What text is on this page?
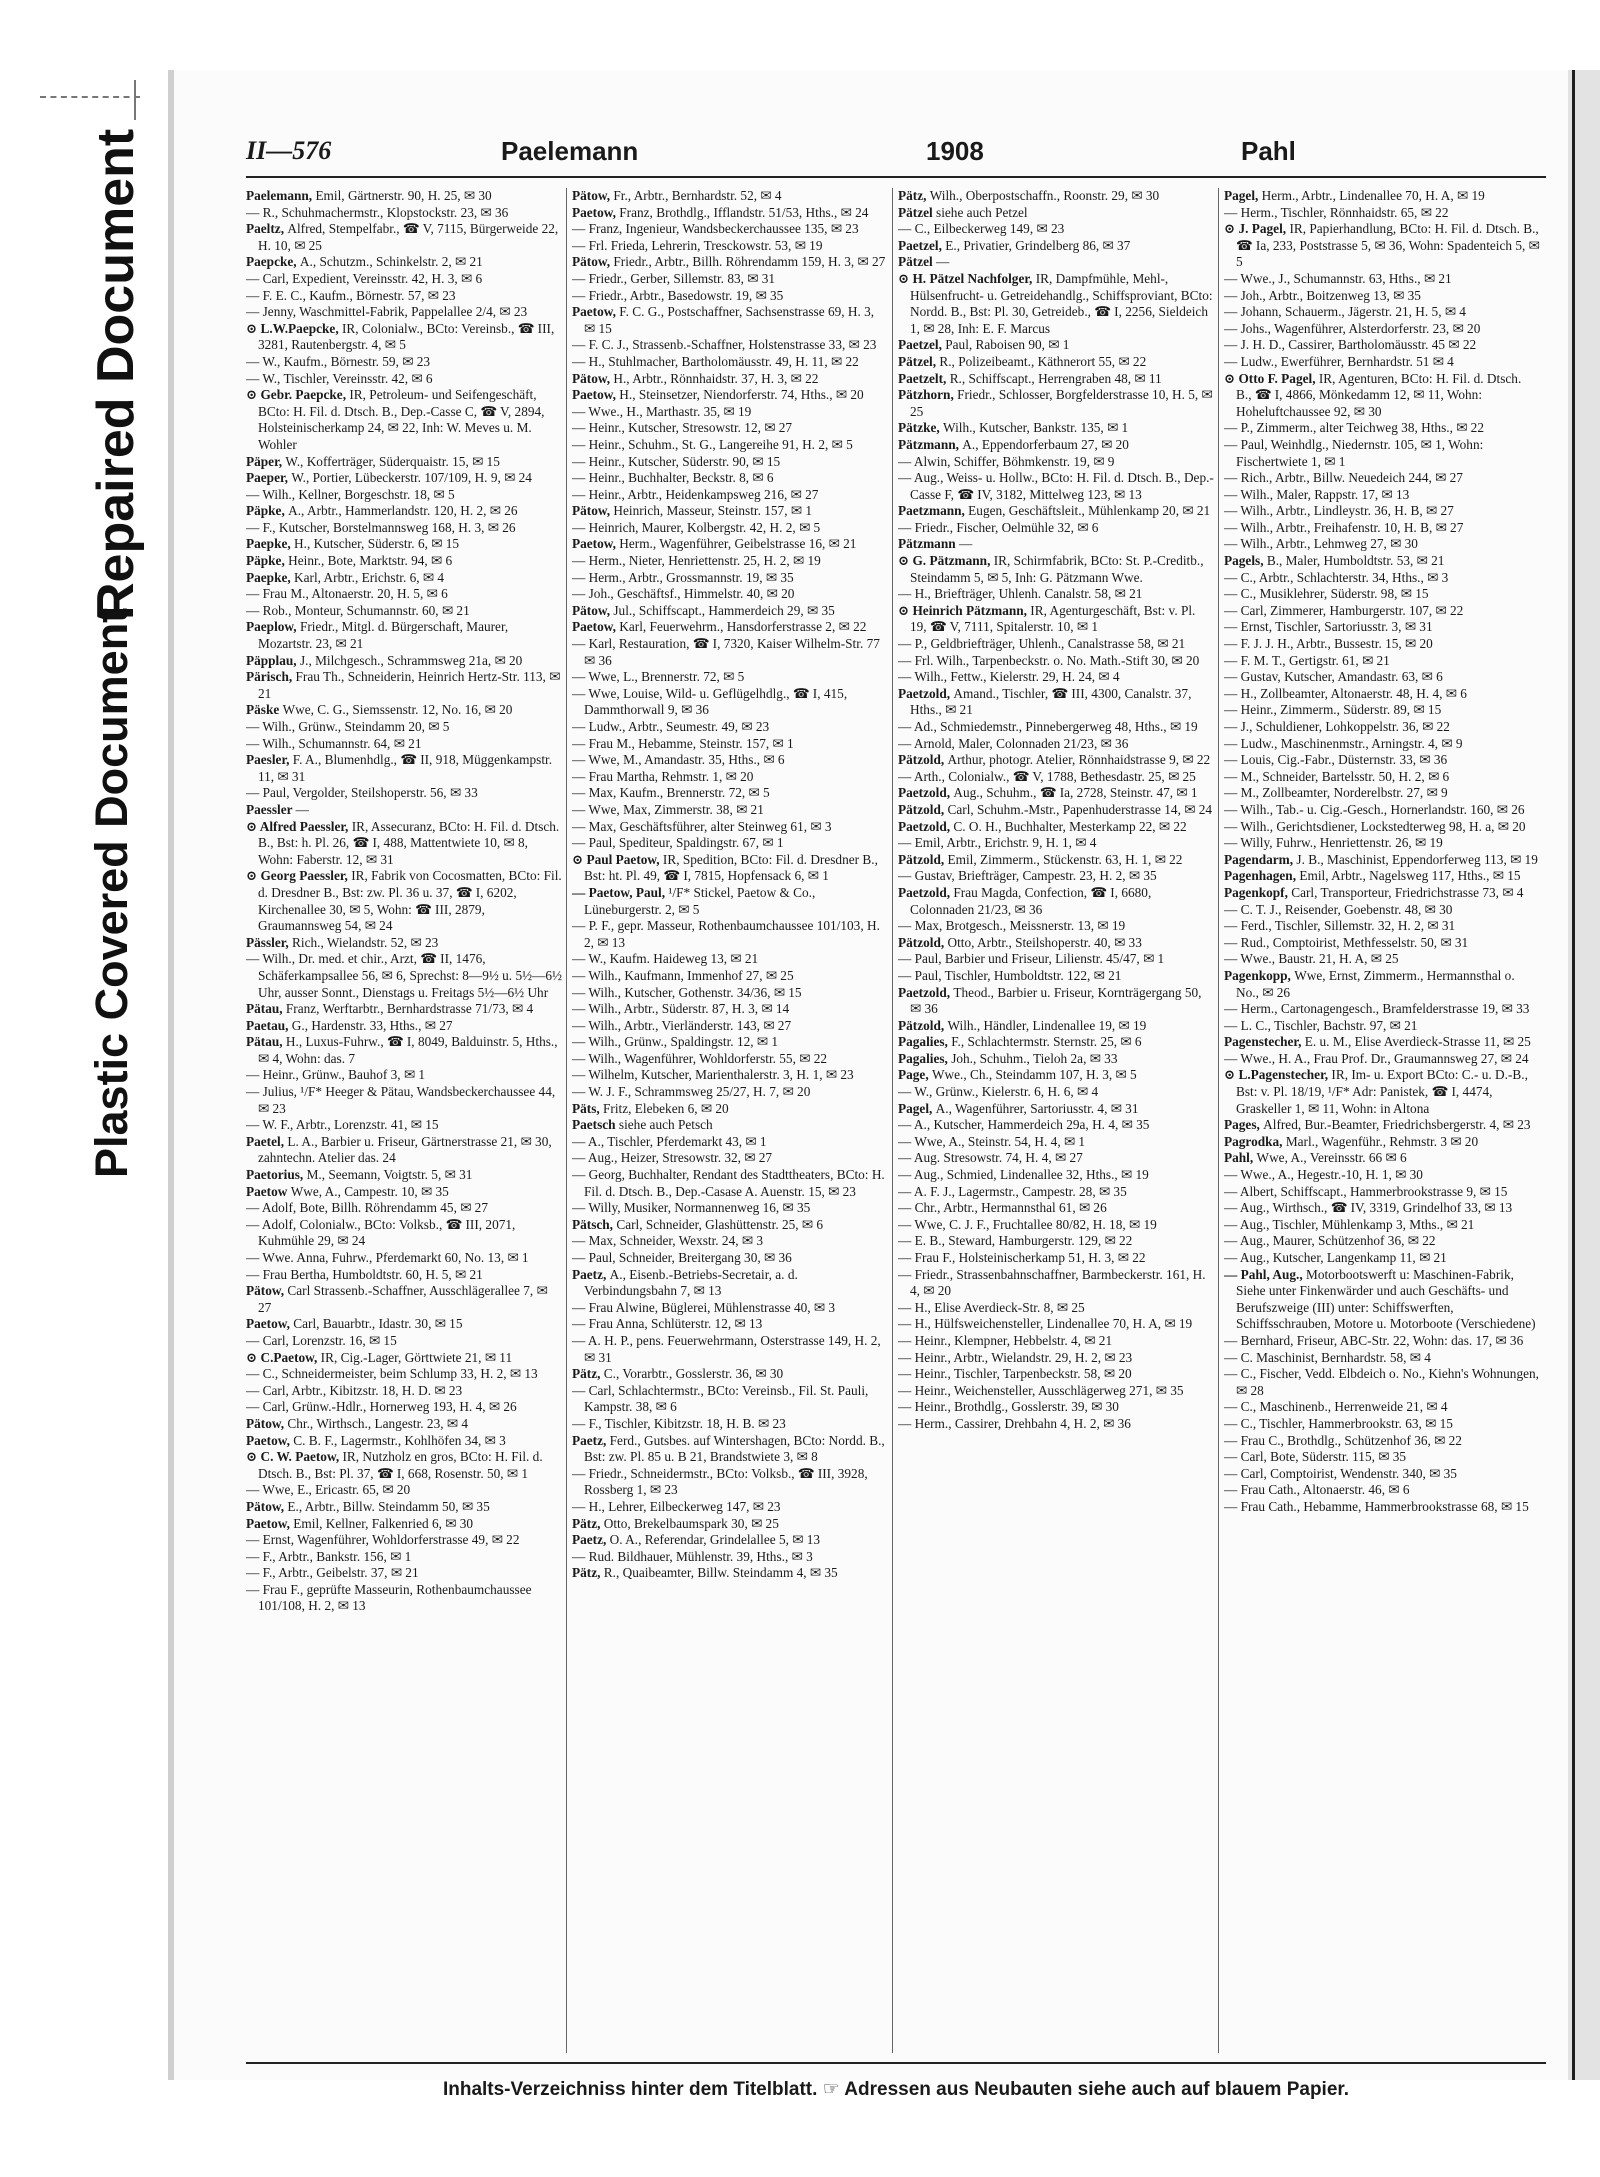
Plastic Covered Document
Repaired Document	II—576	Paelemann	1908	Pahl

Paelemann, Emil, Gärtnerstr. 90, H. 25, ✉ 30

— R., Schuhmachermstr., Klopstockstr. 23, ✉ 36

Paeltz, Alfred, Stempelfabr., ☎ V, 7115, Bürgerweide 22, H. 10, ✉ 25

Paepcke, A., Schutzm., Schinkelstr. 2, ✉ 21

— Carl, Expedient, Vereinsstr. 42, H. 3, ✉ 6

— F. E. C., Kaufm., Börnestr. 57, ✉ 23

— Jenny, Waschmittel-Fabrik, Pappelallee 2/4, ✉ 23

⊙ L.W.Paepcke, IR, Colonialw., BCto: Vereinsb., ☎ III, 3281, Rautenbergstr. 4, ✉ 5

— W., Kaufm., Börnestr. 59, ✉ 23

— W., Tischler, Vereinsstr. 42, ✉ 6

⊙ Gebr. Paepcke, IR, Petroleum- und Seifengeschäft, BCto: H. Fil. d. Dtsch. B., Dep.-Casse C, ☎ V, 2894, Holsteinischerkamp 24, ✉ 22, Inh: W. Meves u. M. Wohler

Päper, W., Kofferträger, Süderquaistr. 15, ✉ 15

Paeper, W., Portier, Lübeckerstr. 107/109, H. 9, ✉ 24

— Wilh., Kellner, Borgeschstr. 18, ✉ 5

Päpke, A., Arbtr., Hammerlandstr. 120, H. 2, ✉ 26

— F., Kutscher, Borstelmannsweg 168, H. 3, ✉ 26

Paepke, H., Kutscher, Süderstr. 6, ✉ 15

Päpke, Heinr., Bote, Marktstr. 94, ✉ 6

Paepke, Karl, Arbtr., Erichstr. 6, ✉ 4

— Frau M., Altonaerstr. 20, H. 5, ✉ 6

— Rob., Monteur, Schumannstr. 60, ✉ 21

Paeplow, Friedr., Mitgl. d. Bürgerschaft, Maurer, Mozartstr. 23, ✉ 21

Päpplau, J., Milchgesch., Schrammsweg 21a, ✉ 20

Pärisch, Frau Th., Schneiderin, Heinrich Hertz-Str. 113, ✉ 21

Päske Wwe, C. G., Siemssenstr. 12, No. 16, ✉ 20

— Wilh., Grünw., Steindamm 20, ✉ 5

— Wilh., Schumannstr. 64, ✉ 21

Paesler, F. A., Blumenhdlg., ☎ II, 918, Müggenkampstr. 11, ✉ 31

— Paul, Vergolder, Steilshoperstr. 56, ✉ 33

Paessler —

⊙ Alfred Paessler, IR, Assecuranz, BCto: H. Fil. d. Dtsch. B., Bst: h. Pl. 26, ☎ I, 488, Mattentwiete 10, ✉ 8, Wohn: Faberstr. 12, ✉ 31

⊙ Georg Paessler, IR, Fabrik von Cocosmatten, BCto: Fil. d. Dresdner B., Bst: zw. Pl. 36 u. 37, ☎ I, 6202, Kirchenallee 30, ✉ 5, Wohn: ☎ III, 2879, Graumannsweg 54, ✉ 24

Pässler, Rich., Wielandstr. 52, ✉ 23

— Wilh., Dr. med. et chir., Arzt, ☎ II, 1476, Schäferkampsallee 56, ✉ 6, Sprechst: 8—9½ u. 5½—6½ Uhr, ausser Sonnt., Dienstags u. Freitags 5½—6½ Uhr

Pätau, Franz, Werftarbtr., Bernhardstrasse 71/73, ✉ 4

Paetau, G., Hardenstr. 33, Hths., ✉ 27

Pätau, H., Luxus-Fuhrw., ☎ I, 8049, Balduinstr. 5, Hths., ✉ 4, Wohn: das. 7

— Heinr., Grünw., Bauhof 3, ✉ 1

— Julius, ¹/F* Heeger & Pätau, Wandsbeckerchaussee 44, ✉ 23

— W. F., Arbtr., Lorenzstr. 41, ✉ 15

Paetel, L. A., Barbier u. Friseur, Gärtnerstrasse 21, ✉ 30, zahntechn. Atelier das. 24

Paetorius, M., Seemann, Voigtstr. 5, ✉ 31

Paetow Wwe, A., Campestr. 10, ✉ 35

— Adolf, Bote, Billh. Röhrendamm 45, ✉ 27

— Adolf, Colonialw., BCto: Volksb., ☎ III, 2071, Kuhmühle 29, ✉ 24

— Wwe. Anna, Fuhrw., Pferdemarkt 60, No. 13, ✉ 1

— Frau Bertha, Humboldtstr. 60, H. 5, ✉ 21

Pätow, Carl Strassenb.-Schaffner, Ausschlägerallee 7, ✉ 27

Paetow, Carl, Bauarbtr., Idastr. 30, ✉ 15

— Carl, Lorenzstr. 16, ✉ 15

⊙ C.Paetow, IR, Cig.-Lager, Görttwiete 21, ✉ 11

— C., Schneidermeister, beim Schlump 33, H. 2, ✉ 13

— Carl, Arbtr., Kibitzstr. 18, H. D. ✉ 23

— Carl, Grünw.-Hdlr., Hornerweg 193, H. 4, ✉ 26

Pätow, Chr., Wirthsch., Langestr. 23, ✉ 4

Paetow, C. B. F., Lagermstr., Kohlhöfen 34, ✉ 3

⊙ C. W. Paetow, IR, Nutzholz en gros, BCto: H. Fil. d. Dtsch. B., Bst: Pl. 37, ☎ I, 668, Rosenstr. 50, ✉ 1

— Wwe, E., Ericastr. 65, ✉ 20

Pätow, E., Arbtr., Billw. Steindamm 50, ✉ 35

Paetow, Emil, Kellner, Falkenried 6, ✉ 30

— Ernst, Wagenführer, Wohldorferstrasse 49, ✉ 22

— F., Arbtr., Bankstr. 156, ✉ 1

— F., Arbtr., Geibelstr. 37, ✉ 21

— Frau F., geprüfte Masseurin, Rothenbaumchaussee 101/108, H. 2, ✉ 13

Pätow, Fr., Arbtr., Bernhardstr. 52, ✉ 4

Paetow, Franz, Brothdlg., Ifflandstr. 51/53, Hths., ✉ 24

— Franz, Ingenieur, Wandsbeckerchaussee 135, ✉ 23

— Frl. Frieda, Lehrerin, Tresckowstr. 53, ✉ 19

Pätow, Friedr., Arbtr., Billh. Röhrendamm 159, H. 3, ✉ 27

— Friedr., Gerber, Sillemstr. 83, ✉ 31

— Friedr., Arbtr., Basedowstr. 19, ✉ 35

Paetow, F. C. G., Postschaffner, Sachsenstrasse 69, H. 3, ✉ 15

— F. C. J., Strassenb.-Schaffner, Holstenstrasse 33, ✉ 23

— H., Stuhlmacher, Bartholomäusstr. 49, H. 11, ✉ 22

Pätow, H., Arbtr., Rönnhaidstr. 37, H. 3, ✉ 22

Paetow, H., Steinsetzer, Niendorferstr. 74, Hths., ✉ 20

— Wwe., H., Marthastr. 35, ✉ 19

— Heinr., Kutscher, Stresowstr. 12, ✉ 27

— Heinr., Schuhm., St. G., Langereihe 91, H. 2, ✉ 5

— Heinr., Kutscher, Süderstr. 90, ✉ 15

— Heinr., Buchhalter, Beckstr. 8, ✉ 6

— Heinr., Arbtr., Heidenkampsweg 216, ✉ 27

Pätow, Heinrich, Masseur, Steinstr. 157, ✉ 1

— Heinrich, Maurer, Kolbergstr. 42, H. 2, ✉ 5

Paetow, Herm., Wagenführer, Geibelstrasse 16, ✉ 21

— Herm., Nieter, Henriettenstr. 25, H. 2, ✉ 19

— Herm., Arbtr., Grossmannstr. 19, ✉ 35

— Joh., Geschäftsf., Himmelstr. 40, ✉ 20

Pätow, Jul., Schiffscapt., Hammerdeich 29, ✉ 35

Paetow, Karl, Feuerwehrm., Hansdorferstrasse 2, ✉ 22

— Karl, Restauration, ☎ I, 7320, Kaiser Wilhelm-Str. 77 ✉ 36

— Wwe, L., Brennerstr. 72, ✉ 5

— Wwe, Louise, Wild- u. Geflügelhdlg., ☎ I, 415, Dammthorwall 9, ✉ 36

— Ludw., Arbtr., Seumestr. 49, ✉ 23

— Frau M., Hebamme, Steinstr. 157, ✉ 1

— Wwe, M., Amandastr. 35, Hths., ✉ 6

— Frau Martha, Rehmstr. 1, ✉ 20

— Max, Kaufm., Brennerstr. 72, ✉ 5

— Wwe, Max, Zimmerstr. 38, ✉ 21

— Max, Geschäftsführer, alter Steinweg 61, ✉ 3

— Paul, Spediteur, Spaldingstr. 67, ✉ 1

⊙ Paul Paetow, IR, Spedition, BCto: Fil. d. Dresdner B., Bst: ht. Pl. 49, ☎ I, 7815, Hopfensack 6, ✉ 1

— Paetow, Paul, ¹/F* Stickel, Paetow & Co., Lüneburgerstr. 2, ✉ 5

— P. F., gepr. Masseur, Rothenbaumchaussee 101/103, H. 2, ✉ 13

— W., Kaufm. Haideweg 13, ✉ 21

— Wilh., Kaufmann, Immenhof 27, ✉ 25

— Wilh., Kutscher, Gothenstr. 34/36, ✉ 15

— Wilh., Arbtr., Süderstr. 87, H. 3, ✉ 14

— Wilh., Arbtr., Vierländerstr. 143, ✉ 27

— Wilh., Grünw., Spaldingstr. 12, ✉ 1

— Wilh., Wagenführer, Wohldorferstr. 55, ✉ 22

— Wilhelm, Kutscher, Marienthalerstr. 3, H. 1, ✉ 23

— W. J. F., Schrammsweg 25/27, H. 7, ✉ 20

Päts, Fritz, Elebeken 6, ✉ 20

Paetsch siehe auch Petsch

— A., Tischler, Pferdemarkt 43, ✉ 1

— Aug., Heizer, Stresowstr. 32, ✉ 27

— Georg, Buchhalter, Rendant des Stadttheaters, BCto: H. Fil. d. Dtsch. B., Dep.-Casase A. Auenstr. 15, ✉ 23

— Willy, Musiker, Normannenweg 16, ✉ 35

Pätsch, Carl, Schneider, Glashüttenstr. 25, ✉ 6

— Max, Schneider, Wexstr. 24, ✉ 3

— Paul, Schneider, Breitergang 30, ✉ 36

Paetz, A., Eisenb.-Betriebs-Secretair, a. d. Verbindungsbahn 7, ✉ 13

— Frau Alwine, Büglerei, Mühlenstrasse 40, ✉ 3

— Frau Anna, Schlüterstr. 12, ✉ 13

— A. H. P., pens. Feuerwehrmann, Osterstrasse 149, H. 2, ✉ 31

Pätz, C., Vorarbtr., Gosslerstr. 36, ✉ 30

— Carl, Schlachtermstr., BCto: Vereinsb., Fil. St. Pauli, Kampstr. 38, ✉ 6

— F., Tischler, Kibitzstr. 18, H. B. ✉ 23

Paetz, Ferd., Gutsbes. auf Wintershagen, BCto: Nordd. B., Bst: zw. Pl. 85 u. B 21, Brandstwiete 3, ✉ 8

— Friedr., Schneidermstr., BCto: Volksb., ☎ III, 3928, Rossberg 1, ✉ 23

— H., Lehrer, Eilbeckerweg 147, ✉ 23

Pätz, Otto, Brekelbaumspark 30, ✉ 25

Paetz, O. A., Referendar, Grindelallee 5, ✉ 13

— Rud. Bildhauer, Mühlenstr. 39, Hths., ✉ 3

Pätz, R., Quaibeamter, Billw. Steindamm 4, ✉ 35

Pätz, Wilh., Oberpostschaffn., Roonstr. 29, ✉ 30

Pätzel siehe auch Petzel

— C., Eilbeckerweg 149, ✉ 23

Paetzel, E., Privatier, Grindelberg 86, ✉ 37

Pätzel —

⊙ H. Pätzel Nachfolger, IR, Dampfmühle, Mehl-, Hülsenfrucht- u. Getreidehandlg., Schiffsproviant, BCto: Nordd. B., Bst: Pl. 30, Getreideb., ☎ I, 2256, Sieldeich 1, ✉ 28, Inh: E. F. Marcus

Paetzel, Paul, Raboisen 90, ✉ 1

Pätzel, R., Polizeibeamt., Käthnerort 55, ✉ 22

Paetzelt, R., Schiffscapt., Herrengraben 48, ✉ 11

Pätzhorn, Friedr., Schlosser, Borgfelderstrasse 10, H. 5, ✉ 25

Pätzke, Wilh., Kutscher, Bankstr. 135, ✉ 1

Pätzmann, A., Eppendorferbaum 27, ✉ 20

— Alwin, Schiffer, Böhmkenstr. 19, ✉ 9

— Aug., Weiss- u. Hollw., BCto: H. Fil. d. Dtsch. B., Dep.-Casse F, ☎ IV, 3182, Mittelweg 123, ✉ 13

Paetzmann, Eugen, Geschäftsleit., Mühlenkamp 20, ✉ 21

— Friedr., Fischer, Oelmühle 32, ✉ 6

Pätzmann —

⊙ G. Pätzmann, IR, Schirmfabrik, BCto: St. P.-Creditb., Steindamm 5, ✉ 5, Inh: G. Pätzmann Wwe.

— H., Briefträger, Uhlenh. Canalstr. 58, ✉ 21

⊙ Heinrich Pätzmann, IR, Agenturgeschäft, Bst: v. Pl. 19, ☎ V, 7111, Spitalerstr. 10, ✉ 1

— P., Geldbriefträger, Uhlenh., Canalstrasse 58, ✉ 21

— Frl. Wilh., Tarpenbeckstr. o. No. Math.-Stift 30, ✉ 20

— Wilh., Fettw., Kielerstr. 29, H. 24, ✉ 4

Paetzold, Amand., Tischler, ☎ III, 4300, Canalstr. 37, Hths., ✉ 21

— Ad., Schmiedemstr., Pinnebergerweg 48, Hths., ✉ 19

— Arnold, Maler, Colonnaden 21/23, ✉ 36

Pätzold, Arthur, photogr. Atelier, Rönnhaidstrasse 9, ✉ 22

— Arth., Colonialw., ☎ V, 1788, Bethesdastr. 25, ✉ 25

Paetzold, Aug., Schuhm., ☎ Ia, 2728, Steinstr. 47, ✉ 1

Pätzold, Carl, Schuhm.-Mstr., Papenhuderstrasse 14, ✉ 24

Paetzold, C. O. H., Buchhalter, Mesterkamp 22, ✉ 22

— Emil, Arbtr., Erichstr. 9, H. 1, ✉ 4

Pätzold, Emil, Zimmerm., Stückenstr. 63, H. 1, ✉ 22

— Gustav, Briefträger, Campestr. 23, H. 2, ✉ 35

Paetzold, Frau Magda, Confection, ☎ I, 6680, Colonnaden 21/23, ✉ 36

— Max, Brotgesch., Meissnerstr. 13, ✉ 19

Pätzold, Otto, Arbtr., Steilshoperstr. 40, ✉ 33

— Paul, Barbier und Friseur, Lilienstr. 45/47, ✉ 1

— Paul, Tischler, Humboldtstr. 122, ✉ 21

Paetzold, Theod., Barbier u. Friseur, Kornträgergang 50, ✉ 36

Pätzold, Wilh., Händler, Lindenallee 19, ✉ 19

Pagalies, F., Schlachtermstr. Sternstr. 25, ✉ 6

Pagalies, Joh., Schuhm., Tieloh 2a, ✉ 33

Page, Wwe., Ch., Steindamm 107, H. 3, ✉ 5

— W., Grünw., Kielerstr. 6, H. 6, ✉ 4

Pagel, A., Wagenführer, Sartoriusstr. 4, ✉ 31

— A., Kutscher, Hammerdeich 29a, H. 4, ✉ 35

— Wwe, A., Steinstr. 54, H. 4, ✉ 1

— Aug. Stresowstr. 74, H. 4, ✉ 27

— Aug., Schmied, Lindenallee 32, Hths., ✉ 19

— A. F. J., Lagermstr., Campestr. 28, ✉ 35

— Chr., Arbtr., Hermannsthal 61, ✉ 26

— Wwe, C. J. F., Fruchtallee 80/82, H. 18, ✉ 19

— E. B., Steward, Hamburgerstr. 129, ✉ 22

— Frau F., Holsteinischerkamp 51, H. 3, ✉ 22

— Friedr., Strassenbahnschaffner, Barmbeckerstr. 161, H. 4, ✉ 20

— H., Elise Averdieck-Str. 8, ✉ 25

— H., Hülfsweichensteller, Lindenallee 70, H. A, ✉ 19

— Heinr., Klempner, Hebbelstr. 4, ✉ 21

— Heinr., Arbtr., Wielandstr. 29, H. 2, ✉ 23

— Heinr., Tischler, Tarpenbeckstr. 58, ✉ 20

— Heinr., Weichensteller, Ausschlägerweg 271, ✉ 35

— Heinr., Brothdlg., Gosslerstr. 39, ✉ 30

— Herm., Cassirer, Drehbahn 4, H. 2, ✉ 36

Pagel, Herm., Arbtr., Lindenallee 70, H. A, ✉ 19

— Herm., Tischler, Rönnhaidstr. 65, ✉ 22

⊙ J. Pagel, IR, Papierhandlung, BCto: H. Fil. d. Dtsch. B., ☎ Ia, 233, Poststrasse 5, ✉ 36, Wohn: Spadenteich 5, ✉ 5

— Wwe., J., Schumannstr. 63, Hths., ✉ 21

— Joh., Arbtr., Boitzenweg 13, ✉ 35

— Johann, Schauerm., Jägerstr. 21, H. 5, ✉ 4

— Johs., Wagenführer, Alsterdorferstr. 23, ✉ 20

— J. H. D., Cassirer, Bartholomäusstr. 45 ✉ 22

— Ludw., Ewerführer, Bernhardstr. 51 ✉ 4

⊙ Otto F. Pagel, IR, Agenturen, BCto: H. Fil. d. Dtsch. B., ☎ I, 4866, Mönkedamm 12, ✉ 11, Wohn: Hoheluftchaussee 92, ✉ 30

— P., Zimmerm., alter Teichweg 38, Hths., ✉ 22

— Paul, Weinhdlg., Niedernstr. 105, ✉ 1, Wohn: Fischertwiete 1, ✉ 1

— Rich., Arbtr., Billw. Neuedeich 244, ✉ 27

— Wilh., Maler, Rappstr. 17, ✉ 13

— Wilh., Arbtr., Lindleystr. 36, H. B, ✉ 27

— Wilh., Arbtr., Freihafenstr. 10, H. B, ✉ 27

— Wilh., Arbtr., Lehmweg 27, ✉ 30

Pagels, B., Maler, Humboldtstr. 53, ✉ 21

— C., Arbtr., Schlachterstr. 34, Hths., ✉ 3

— C., Musiklehrer, Süderstr. 98, ✉ 15

— Carl, Zimmerer, Hamburgerstr. 107, ✉ 22

— Ernst, Tischler, Sartoriusstr. 3, ✉ 31

— F. J. J. H., Arbtr., Bussestr. 15, ✉ 20

— F. M. T., Gertigstr. 61, ✉ 21

— Gustav, Kutscher, Amandastr. 63, ✉ 6

— H., Zollbeamter, Altonaerstr. 48, H. 4, ✉ 6

— Heinr., Zimmerm., Süderstr. 89, ✉ 15

— J., Schuldiener, Lohkoppelstr. 36, ✉ 22

— Ludw., Maschinenmstr., Arningstr. 4, ✉ 9

— Louis, Cig.-Fabr., Düsternstr. 33, ✉ 36

— M., Schneider, Bartelsstr. 50, H. 2, ✉ 6

— M., Zollbeamter, Norderelbstr. 27, ✉ 9

— Wilh., Tab.- u. Cig.-Gesch., Hornerlandstr. 160, ✉ 26

— Wilh., Gerichtsdiener, Lockstedterweg 98, H. a, ✉ 20

— Willy, Fuhrw., Henriettenstr. 26, ✉ 19

Pagendarm, J. B., Maschinist, Eppendorferweg 113, ✉ 19

Pagenhagen, Emil, Arbtr., Nagelsweg 117, Hths., ✉ 15

Pagenkopf, Carl, Transporteur, Friedrichstrasse 73, ✉ 4

— C. T. J., Reisender, Goebenstr. 48, ✉ 30

— Ferd., Tischler, Sillemstr. 32, H. 2, ✉ 31

— Rud., Comptoirist, Methfesselstr. 50, ✉ 31

— Wwe., Baustr. 21, H. A, ✉ 25

Pagenkopp, Wwe, Ernst, Zimmerm., Hermannsthal o. No., ✉ 26

— Herm., Cartonagengesch., Bramfelderstrasse 19, ✉ 33

— L. C., Tischler, Bachstr. 97, ✉ 21

Pagenstecher, E. u. M., Elise Averdieck-Strasse 11, ✉ 25

— Wwe., H. A., Frau Prof. Dr., Graumannsweg 27, ✉ 24

⊙ L.Pagenstecher, IR, Im- u. Export BCto: C.- u. D.-B., Bst: v. Pl. 18/19, ¹/F* Adr: Panistek, ☎ I, 4474, Graskeller 1, ✉ 11, Wohn: in Altona

Pages, Alfred, Bur.-Beamter, Friedrichsbergerstr. 4, ✉ 23

Pagrodka, Marl., Wagenführ., Rehmstr. 3 ✉ 20

Pahl, Wwe, A., Vereinsstr. 66 ✉ 6

— Wwe., A., Hegestr.-10, H. 1, ✉ 30

— Albert, Schiffscapt., Hammerbrookstrasse 9, ✉ 15

— Aug., Wirthsch., ☎ IV, 3319, Grindelhof 33, ✉ 13

— Aug., Tischler, Mühlenkamp 3, Mths., ✉ 21

— Aug., Maurer, Schützenhof 36, ✉ 22

— Aug., Kutscher, Langenkamp 11, ✉ 21

— Pahl, Aug., Motorbootswerft u: Maschinen-Fabrik, Siehe unter Finkenwärder und auch Geschäfts- und Berufszweige (III) unter: Schiffswerften, Schiffsschrauben, Motore u. Motorboote (Verschiedene)

— Bernhard, Friseur, ABC-Str. 22, Wohn: das. 17, ✉ 36

— C. Maschinist, Bernhardstr. 58, ✉ 4

— C., Fischer, Vedd. Elbdeich o. No., Kiehn's Wohnungen, ✉ 28

— C., Maschinenb., Herrenweide 21, ✉ 4

— C., Tischler, Hammerbrookstr. 63, ✉ 15

— Frau C., Brothdlg., Schützenhof 36, ✉ 22

— Carl, Bote, Süderstr. 115, ✉ 35

— Carl, Comptoirist, Wendenstr. 340, ✉ 35

— Frau Cath., Altonaerstr. 46, ✉ 6

— Frau Cath., Hebamme, Hammerbrookstrasse 68, ✉ 15

Inhalts-Verzeichniss hinter dem Titelblatt. ☞ Adressen aus Neubauten siehe auch auf blauem Papier.
